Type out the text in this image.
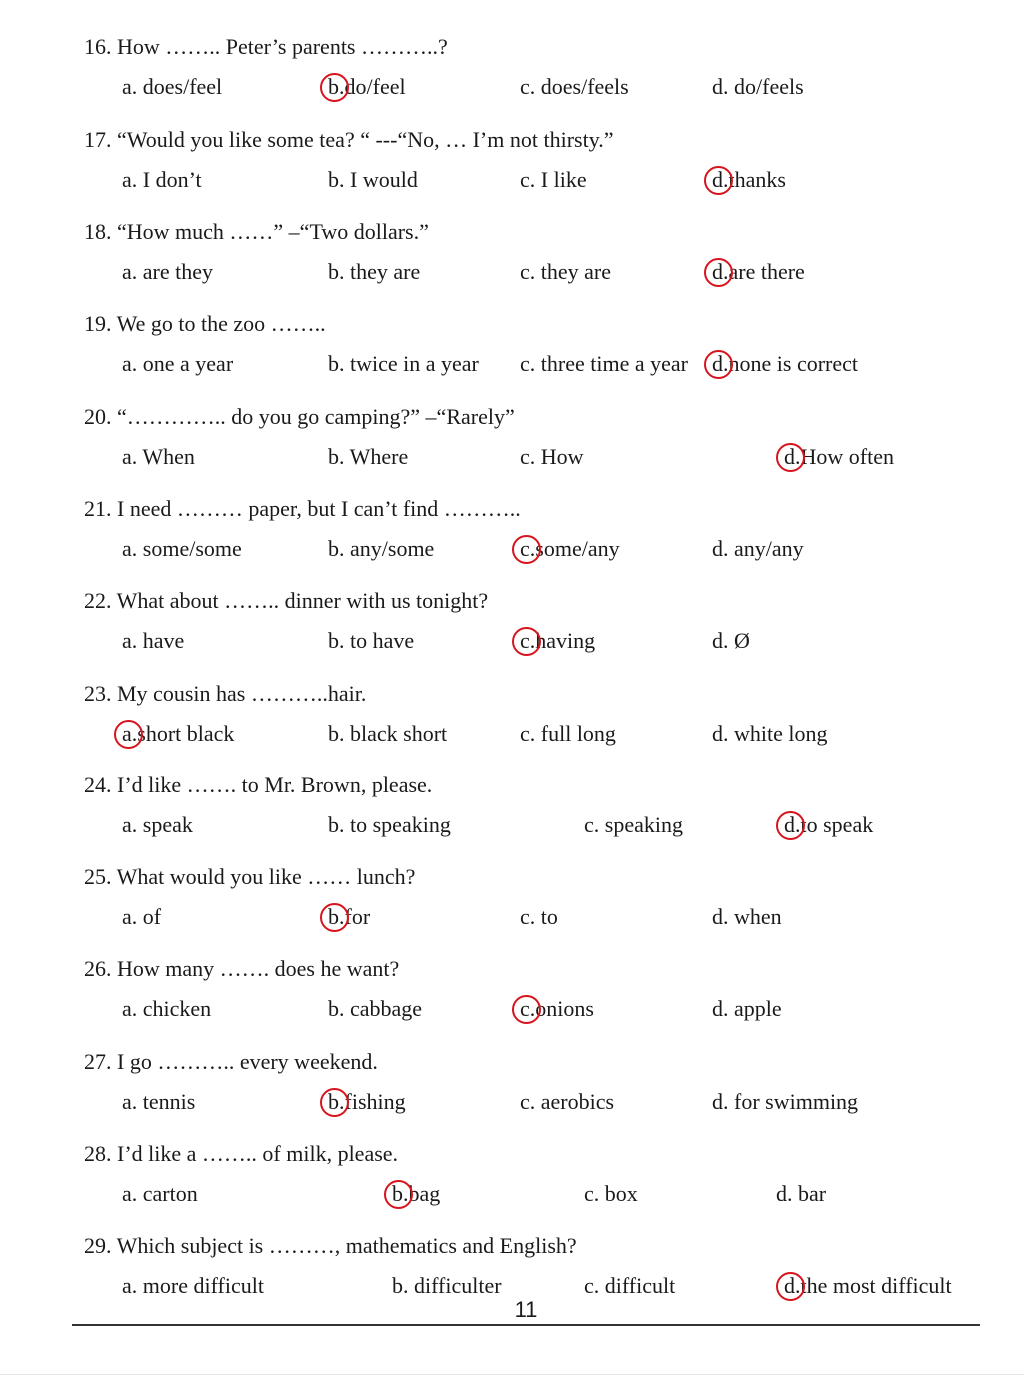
16. How …….. Peter’s parents ………..?
a. does/feel	b.do/feel	c. does/feels	d. do/feels
17. “Would you like some tea? “ ---“No, … I’m not thirsty.”
a. I don’t	b. I would	c. I like	d.thanks
18. “How much ……” –“Two dollars.”
a. are they	b. they are	c. they are	d.are there
19. We go to the zoo ……..
a. one a year	b. twice in a year c. three time a year d.none is correct
20. “………….. do you go camping?” –“Rarely”
a. When	b. Where	c. How	d.How often
21. I need ……… paper, but I can’t find ………..
a. some/some	b. any/some	c.some/any	d. any/any
22. What about …….. dinner with us tonight?
a. have	b. to have	c.having	d. Ø
23. My cousin has ………..hair.
a.short black	b. black short	c. full long	d. white long
24. I’d like ……. to Mr. Brown, please.
a. speak	b. to speaking	c. speaking	d.to speak
25. What would you like …… lunch?
a. of	b.for	c. to	d. when
26. How many ……. does he want?
a. chicken	b. cabbage	c.onions	d. apple
27. I go ……….. every weekend.
a. tennis	b.fishing	c. aerobics	d. for swimming
28. I’d like a …….. of milk, please.
a. carton	b.bag	c. box	d. bar
29. Which subject is ………, mathematics and English?
a. more difficult	b. difficulter	c. difficult	d.the most difficult
11
